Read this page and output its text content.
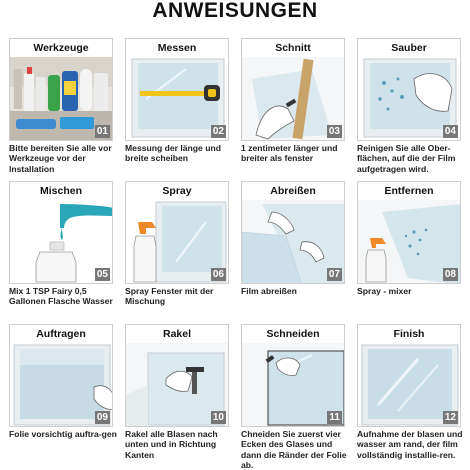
ANWEISUNGEN
Werkzeuge
01
Bitte bereiten Sie alle vor Werkzeuge vor der Installation
Messen
02
Messung der länge und breite scheiben
Schnitt
03
1 zentimeter länger und breiter als fenster
Sauber
04
Reinigen Sie alle Ober-flächen, auf die der Film aufgetragen wird.
Mischen
05
Mix 1 TSP Fairy 0,5 Gallonen Flasche Wasser
Spray
06
Spray Fenster mit der Mischung
Abreißen
07
Film abreißen
Entfernen
08
Spray - mixer
Auftragen
09
Folie vorsichtig auftra-gen
Rakel
10
Rakel alle Blasen nach unten und in Richtung Kanten
Schneiden
11
Chneiden Sie zuerst vier Ecken des Glases und dann die Ränder der Folie ab.
Finish
12
Aufnahme der blasen und wasser am rand, der film vollständig installie-ren.
